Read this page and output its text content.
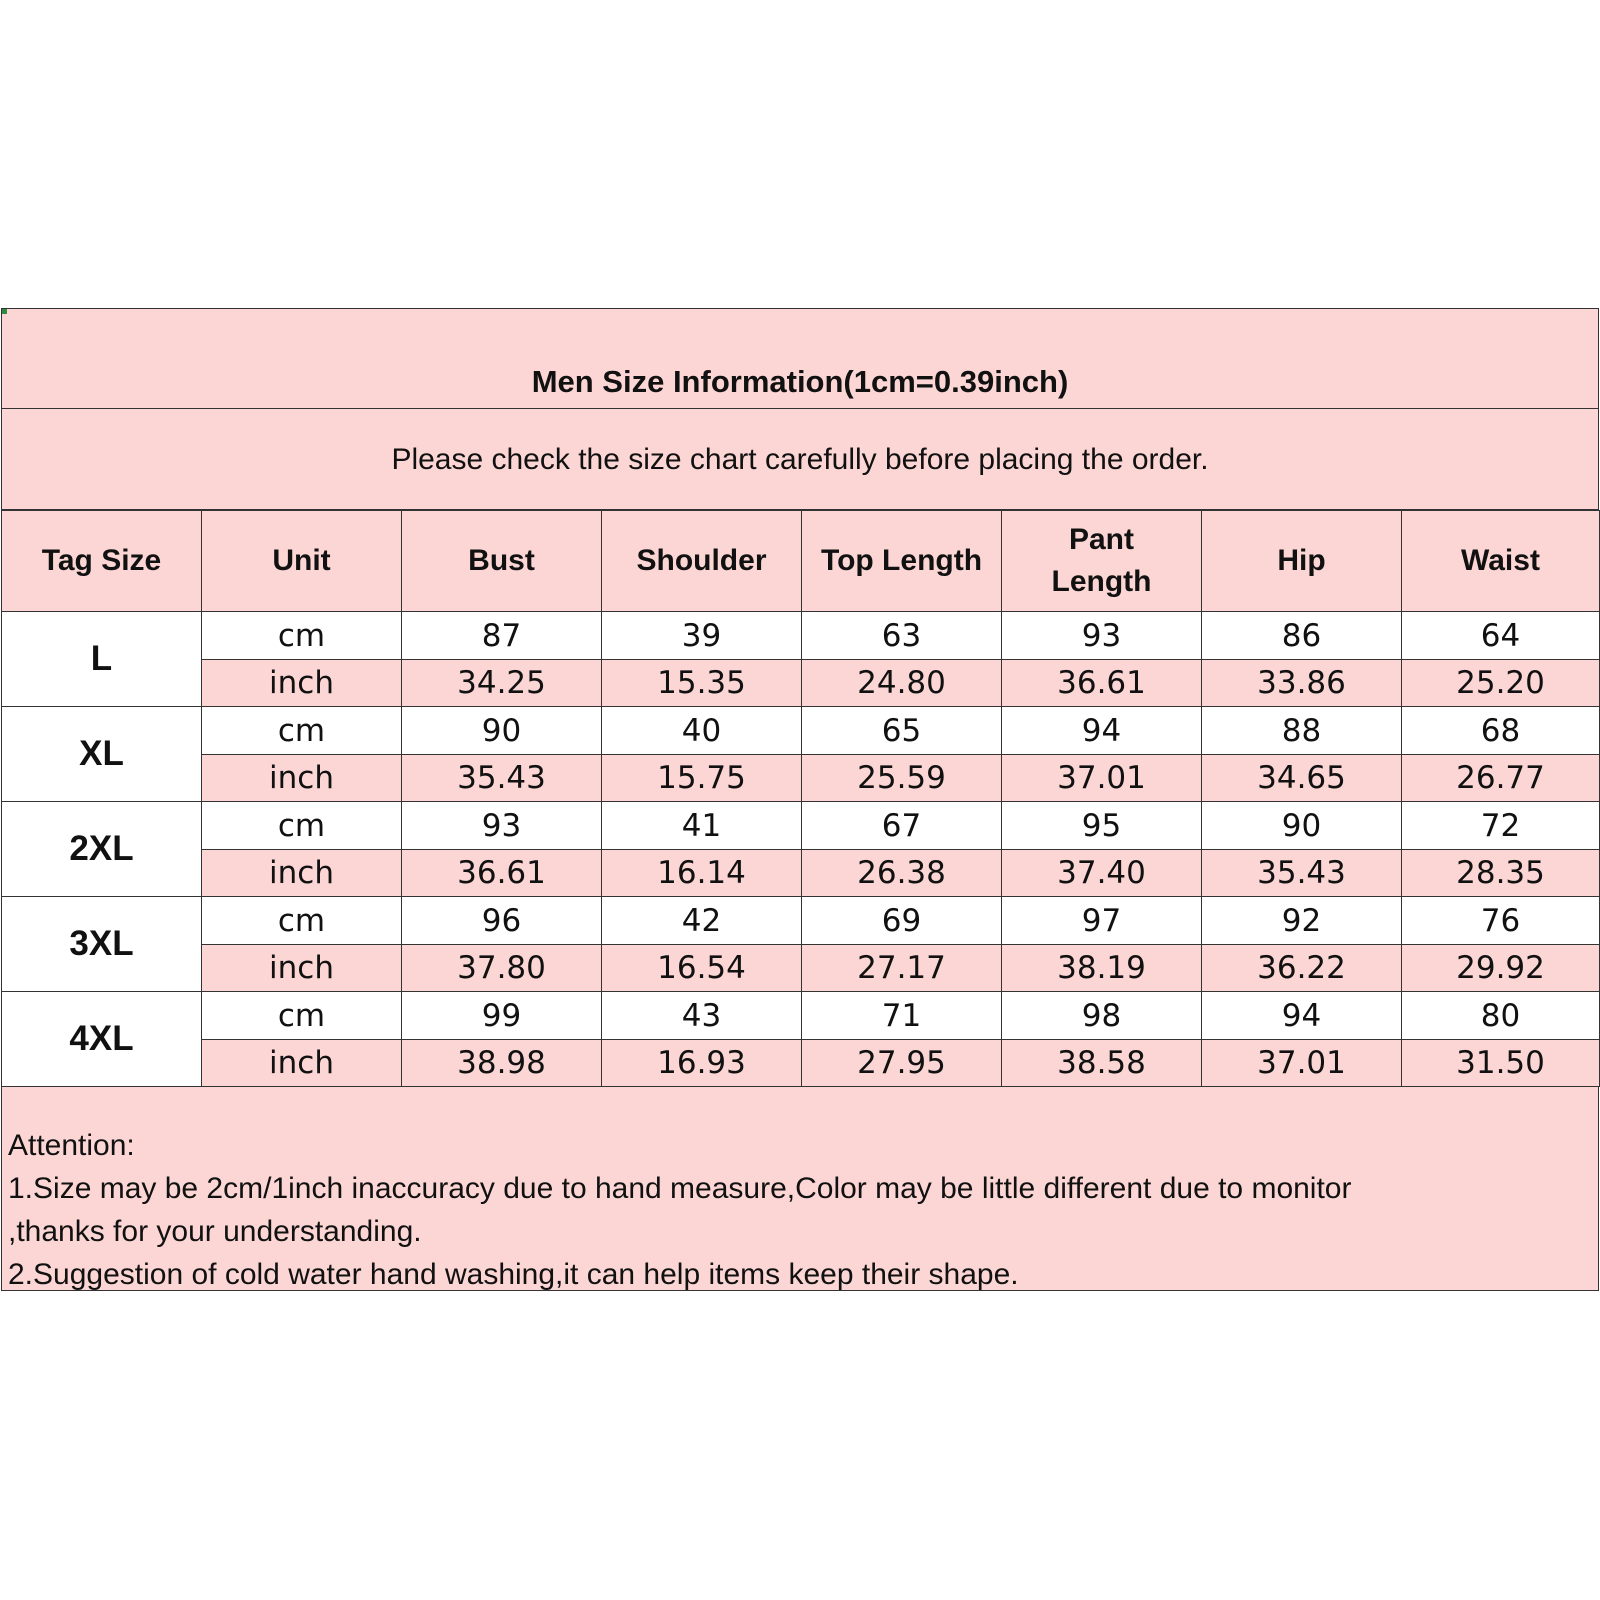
Men Size Information(1cm=0.39inch)
Please check the size chart carefully before placing the order.
Tag Size	Unit	Bust	Shoulder	Top Length	Pant Length	Hip	Waist
L	cm	87	39	63	93	86	64
	inch	34.25	15.35	24.80	36.61	33.86	25.20
XL	cm	90	40	65	94	88	68
	inch	35.43	15.75	25.59	37.01	34.65	26.77
2XL	cm	93	41	67	95	90	72
	inch	36.61	16.14	26.38	37.40	35.43	28.35
3XL	cm	96	42	69	97	92	76
	inch	37.80	16.54	27.17	38.19	36.22	29.92
4XL	cm	99	43	71	98	94	80
	inch	38.98	16.93	27.95	38.58	37.01	31.50
Attention:
1.Size may be 2cm/1inch inaccuracy due to hand measure,Color may be little different due to monitor
,thanks for your understanding.
2.Suggestion of cold water hand washing,it can help items keep their shape.
